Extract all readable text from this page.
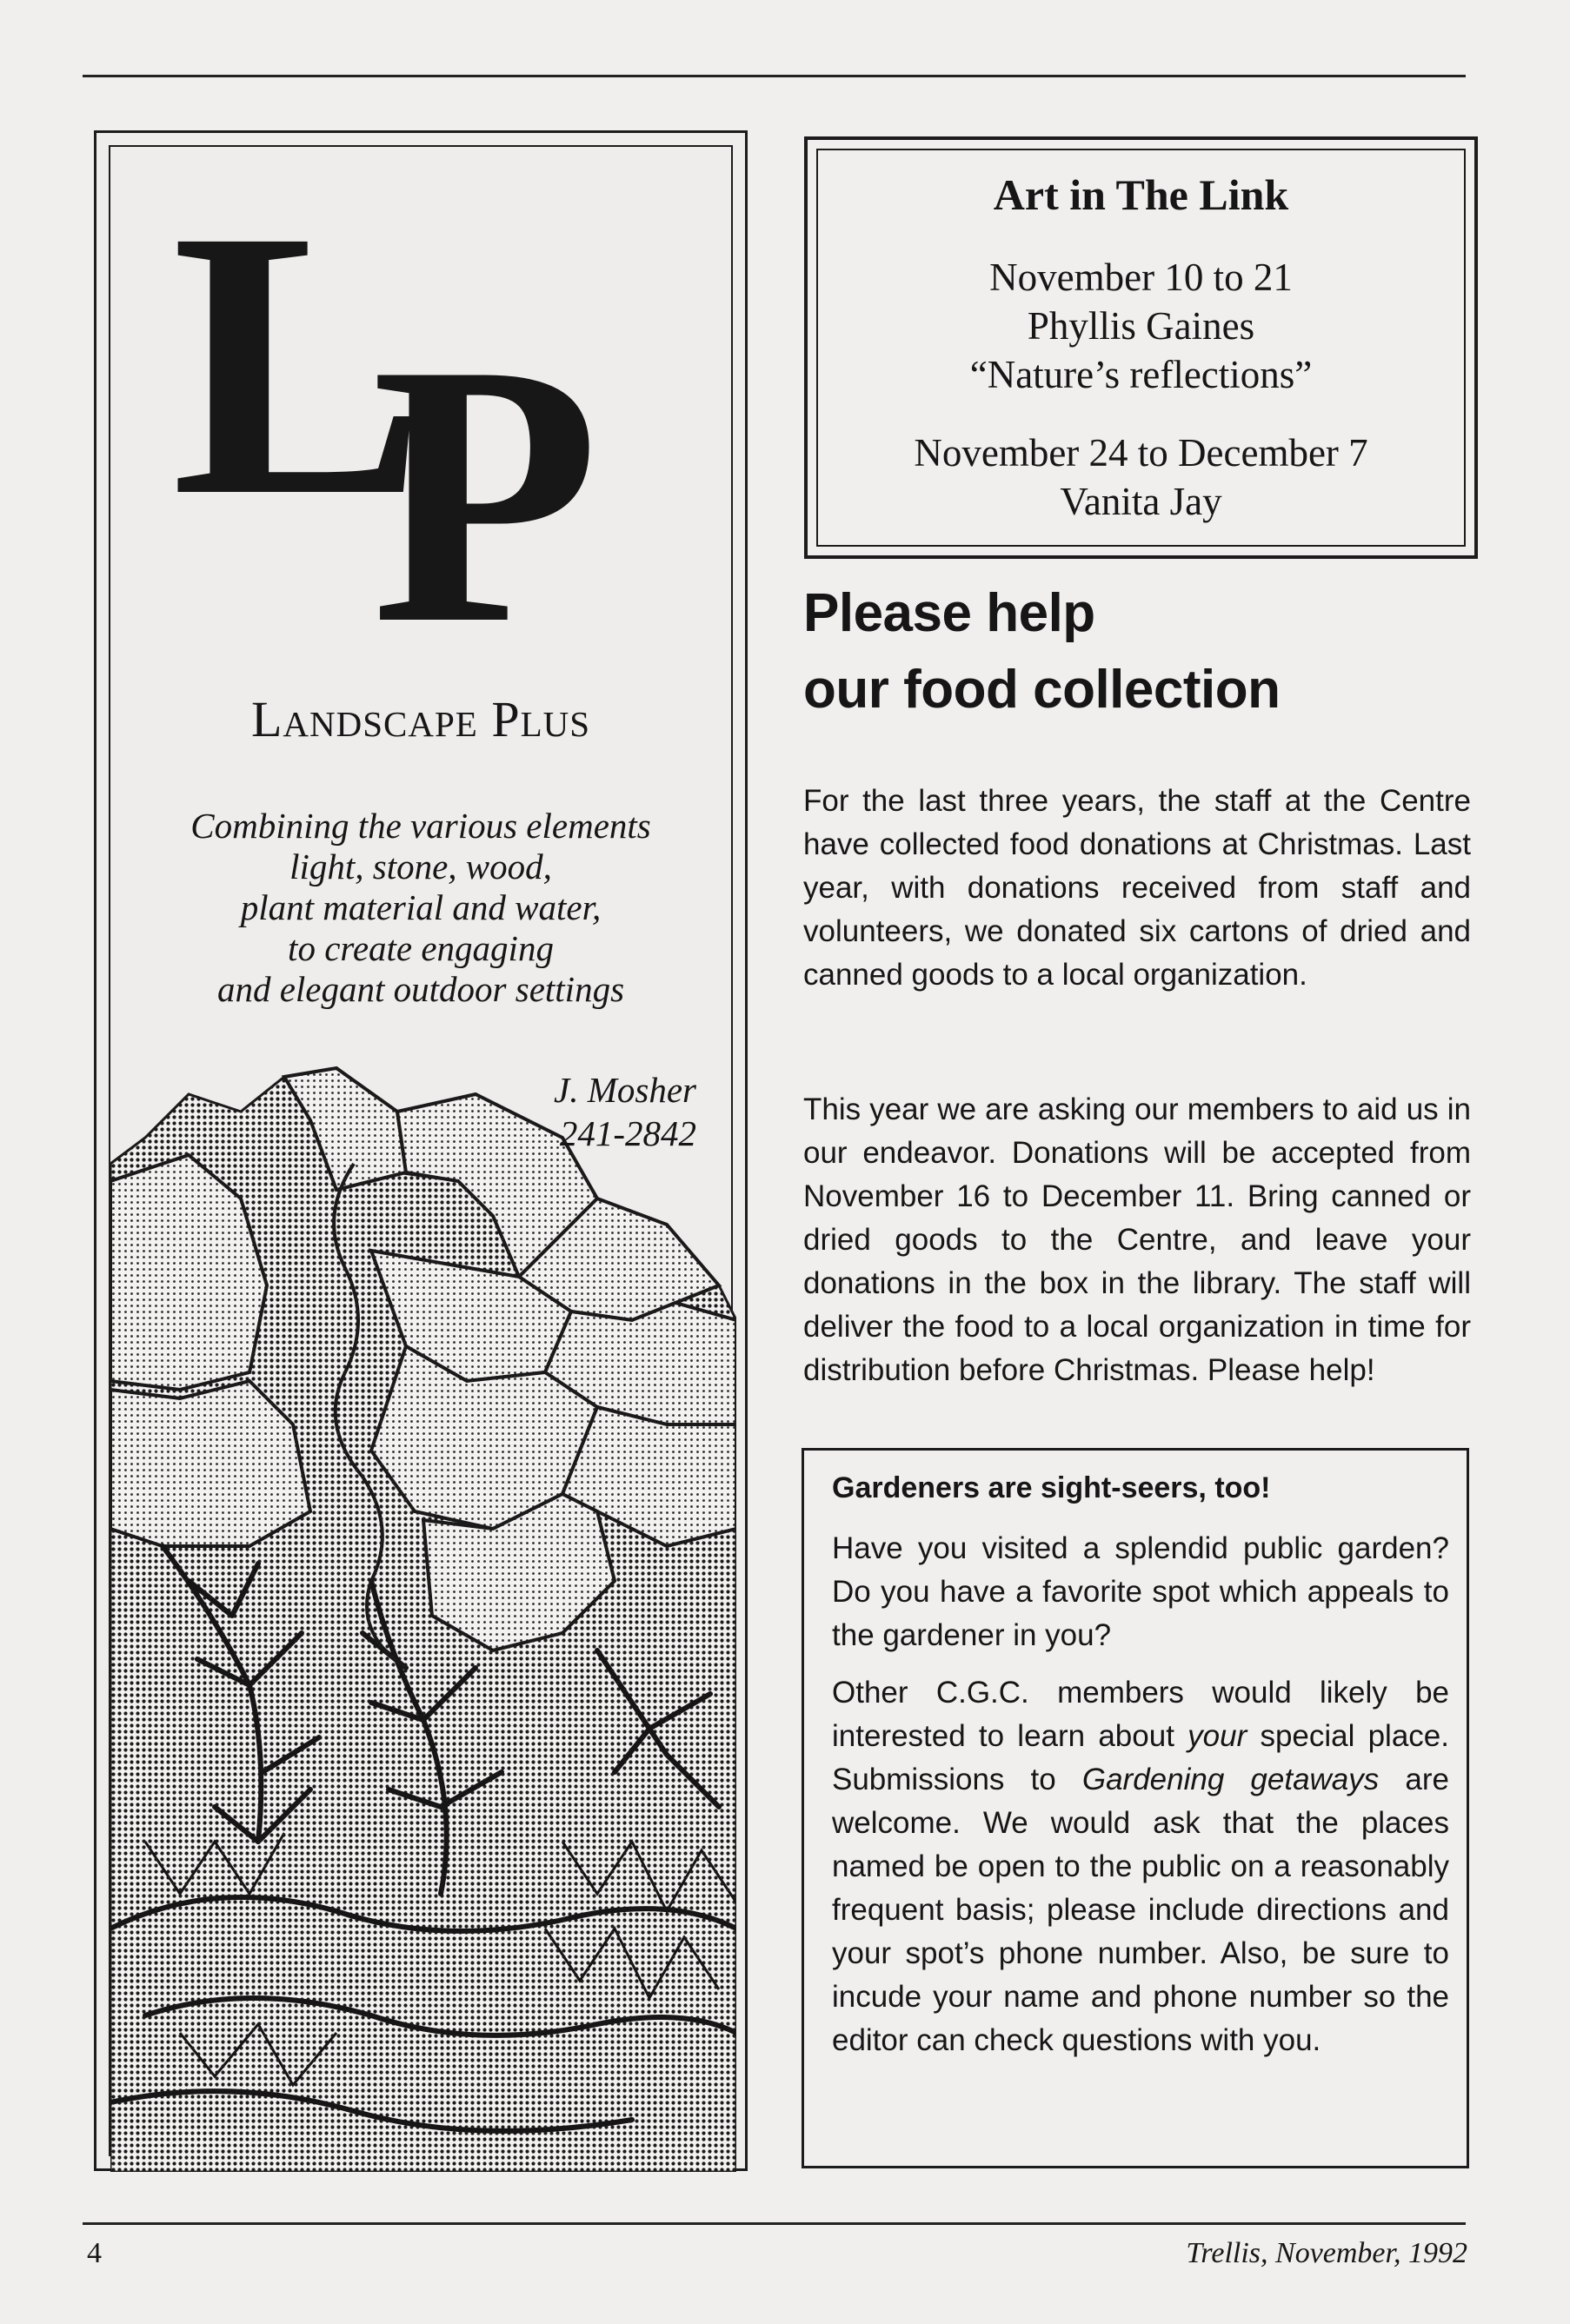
L
P
Landscape Plus
Combining the various elements
light, stone, wood,
plant material and water,
to create engaging
and elegant outdoor settings
J. Mosher
241-2842
Art in The Link
November 10 to 21
Phyllis Gaines
“Nature’s reflections”
November 24 to December 7
Vanita Jay
Please help
our food collection
For the last three years, the staff at the Centre have collected food donations at Christmas. Last year, with donations received from staff and volunteers, we donated six cartons of dried and canned goods to a local organization.
This year we are asking our members to aid us in our endeavor. Donations will be accepted from November 16 to December 11. Bring canned or dried goods to the Centre, and leave your donations in the box in the library. The staff will deliver the food to a local organization in time for distribution before Christmas. Please help!
Gardeners are sight-seers, too!
Have you visited a splendid public garden? Do you have a favorite spot which appeals to the gardener in you?
Other C.G.C. members would likely be interested to learn about your special place. Submissions to Gardening getaways are welcome. We would ask that the places named be open to the public on a reasonably frequent basis; please include directions and your spot’s phone number. Also, be sure to incude your name and phone number so the editor can check questions with you.
4	Trellis, November, 1992
